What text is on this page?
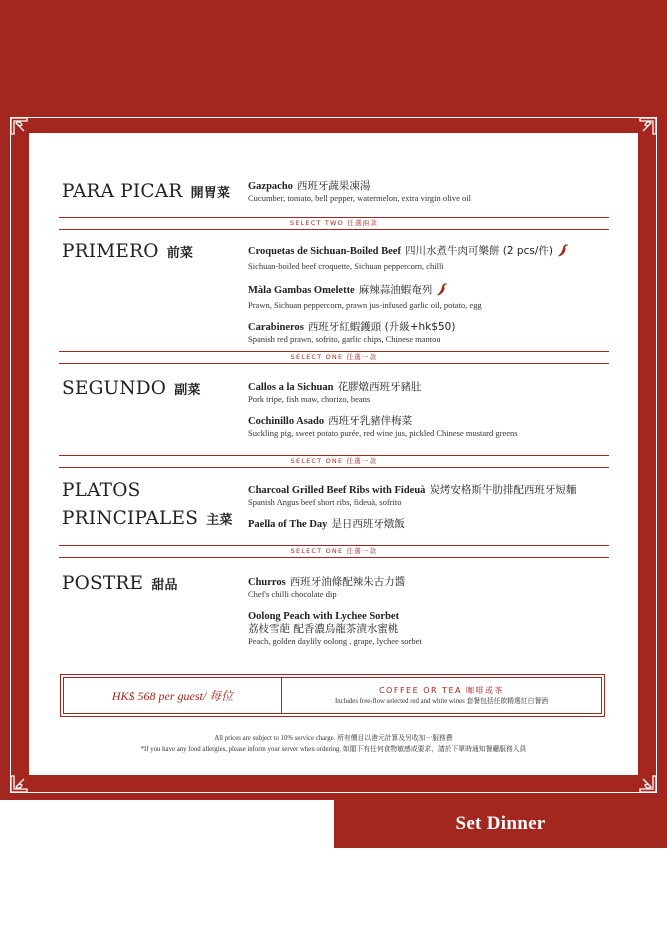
PARA PICAR 開胃菜 Gazpacho 西班牙蔬果凍湯
Cucumber, tomato, bell pepper, watermelon, extra virgin olive oil
SELECT TWO 任選兩款
PRIMERO 前菜	Croquetas de Sichuan-Boiled Beef 四川水煮牛肉可樂餅 (2 pcs/件)
Sichuan-boiled beef croquette, Sichuan peppercorn, chilli
Màla Gambas Omelette 麻辣蒜油蝦奄列
Prawn, Sichuan peppercorn, prawn jus-infused garlic oil, potato, egg
Carabineros 西班牙紅蝦鑊頭 (升級+hk$50)
Spanish red prawn, sofrito, garlic chips, Chinese mantou
SELECT ONE 任選一款
SEGUNDO 副菜	Callos a la Sichuan 花膠燉西班牙豬肚
Pork tripe, fish maw, chorizo, beans
Cochinillo Asado 西班牙乳豬伴梅菜
Suckling pig, sweet potato purée, red wine jus, pickled Chinese mustard greens
SELECT ONE 任選一款
PLATOS
PRINCIPALES 主菜
Charcoal Grilled Beef Ribs with Fideuà 炭烤安格斯牛肋排配西班牙短麵
Spanish Angus beef short ribs, fideuà, sofrito
Paella of The Day 是日西班牙燉飯
SELECT ONE 任選一款
POSTRE 甜品	Churros 西班牙油條配辣朱古力醬
Chef's chilli chocolate dip
Oolong Peach with Lychee Sorbet
荔枝雪葩 配香濃烏龍茶漬水蜜桃
Peach, golden daylily oolong , grape, lychee sorbet
HK$ 568 per guest/ 每位	COFFEE OR TEA 咖啡或茶
Includes free-flow selected red and white wines 套餐包括任飲精選紅白餐酒
All prices are subject to 10% service charge. 所有價目以港元計算及另收加一服務費
*If you have any food allergies, please inform your server when ordering. 如閣下有任何食物敏感或要求，請於下單時通知餐廳服務人員
Set Dinner
